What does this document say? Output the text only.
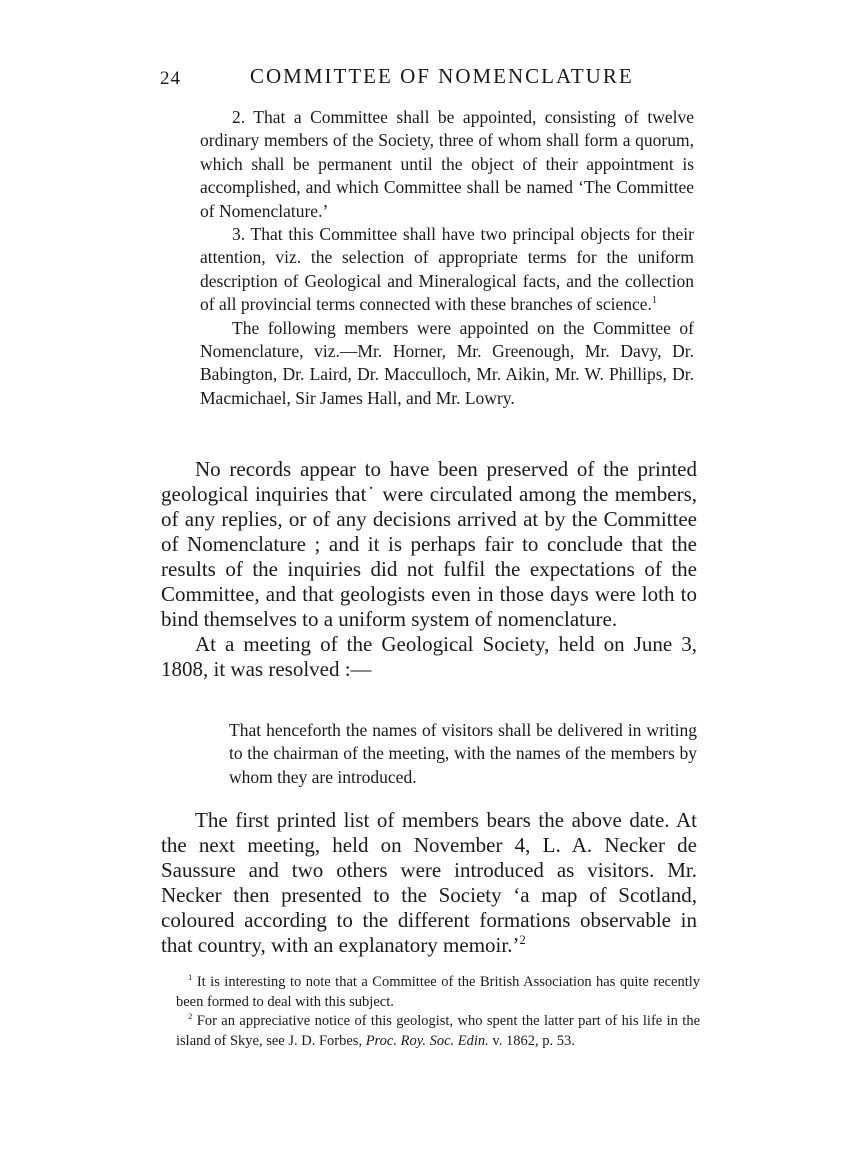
24	COMMITTEE OF NOMENCLATURE

2. That a Committee shall be appointed, consisting of twelve ordinary members of the Society, three of whom shall form a quorum, which shall be permanent until the object of their appointment is accomplished, and which Committee shall be named ‘The Committee of Nomenclature.’

3. That this Committee shall have two principal objects for their attention, viz. the selection of appropriate terms for the uniform description of Geological and Mineralogical facts, and the collection of all provincial terms connected with these branches of science.$^1$

The following members were appointed on the Committee of Nomenclature, viz.—Mr. Horner, Mr. Greenough, Mr. Davy, Dr. Babington, Dr. Laird, Dr. Macculloch, Mr. Aikin, Mr. W. Phillips, Dr. Macmichael, Sir James Hall, and Mr. Lowry.

No records appear to have been preserved of the printed geological inquiries that˙ were circulated among the members, of any replies, or of any decisions arrived at by the Committee of Nomenclature ; and it is perhaps fair to conclude that the results of the inquiries did not fulfil the expectations of the Committee, and that geologists even in those days were loth to bind themselves to a uniform system of nomenclature.

At a meeting of the Geological Society, held on June 3, 1808, it was resolved :—

That henceforth the names of visitors shall be delivered in writing to the chairman of the meeting, with the names of the members by whom they are introduced.

The first printed list of members bears the above date. At the next meeting, held on November 4, L. A. Necker de Saussure and two others were introduced as visitors. Mr. Necker then presented to the Society ‘a map of Scotland, coloured according to the different formations observable in that country, with an explanatory memoir.’$^2$

$^1$ It is interesting to note that a Committee of the British Association has quite recently been formed to deal with this subject.

$^2$ For an appreciative notice of this geologist, who spent the latter part of his life in the island of Skye, see J. D. Forbes, Proc. Roy. Soc. Edin. v. 1862, p. 53.
